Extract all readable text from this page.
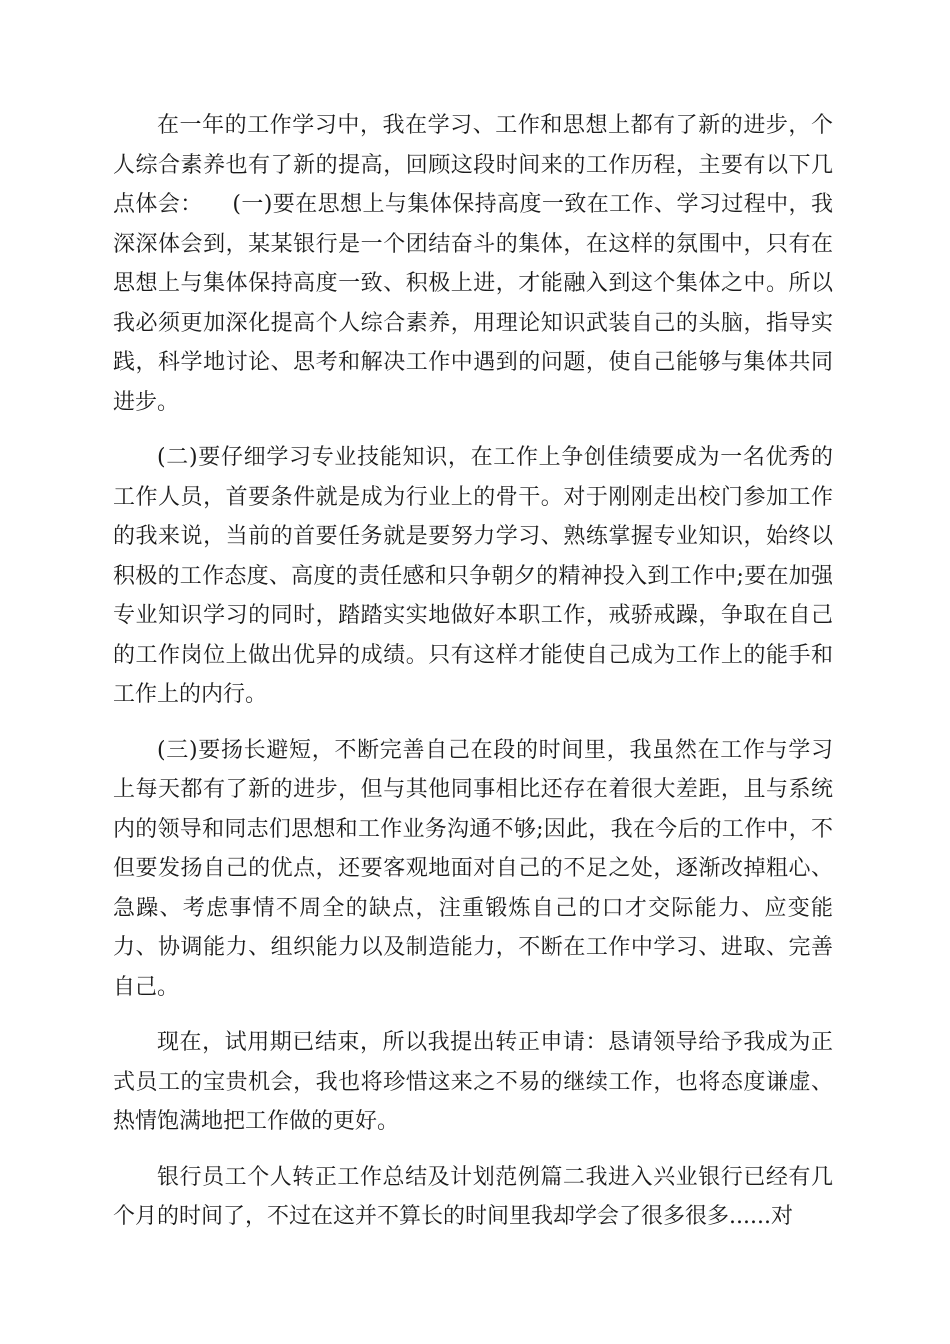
在一年的工作学习中，我在学习、工作和思想上都有了新的进步，个人综合素养也有了新的提高，回顾这段时间来的工作历程，主要有以下几点体会：    (一)要在思想上与集体保持高度一致在工作、学习过程中，我深深体会到，某某银行是一个团结奋斗的集体，在这样的氛围中，只有在思想上与集体保持高度一致、积极上进，才能融入到这个集体之中。所以我必须更加深化提高个人综合素养，用理论知识武装自己的头脑，指导实践，科学地讨论、思考和解决工作中遇到的问题，使自己能够与集体共同进步。

(二)要仔细学习专业技能知识，在工作上争创佳绩要成为一名优秀的工作人员，首要条件就是成为行业上的骨干。对于刚刚走出校门参加工作的我来说，当前的首要任务就是要努力学习、熟练掌握专业知识，始终以积极的工作态度、高度的责任感和只争朝夕的精神投入到工作中;要在加强专业知识学习的同时，踏踏实实地做好本职工作，戒骄戒躁，争取在自己的工作岗位上做出优异的成绩。只有这样才能使自己成为工作上的能手和工作上的内行。

(三)要扬长避短，不断完善自己在段的时间里，我虽然在工作与学习上每天都有了新的进步，但与其他同事相比还存在着很大差距，且与系统内的领导和同志们思想和工作业务沟通不够;因此，我在今后的工作中，不但要发扬自己的优点，还要客观地面对自己的不足之处，逐渐改掉粗心、急躁、考虑事情不周全的缺点，注重锻炼自己的口才交际能力、应变能力、协调能力、组织能力以及制造能力，不断在工作中学习、进取、完善自己。

现在，试用期已结束，所以我提出转正申请：恳请领导给予我成为正式员工的宝贵机会，我也将珍惜这来之不易的继续工作，也将态度谦虚、热情饱满地把工作做的更好。

银行员工个人转正工作总结及计划范例篇二我进入兴业银行已经有几个月的时间了，不过在这并不算长的时间里我却学会了很多很多......对
